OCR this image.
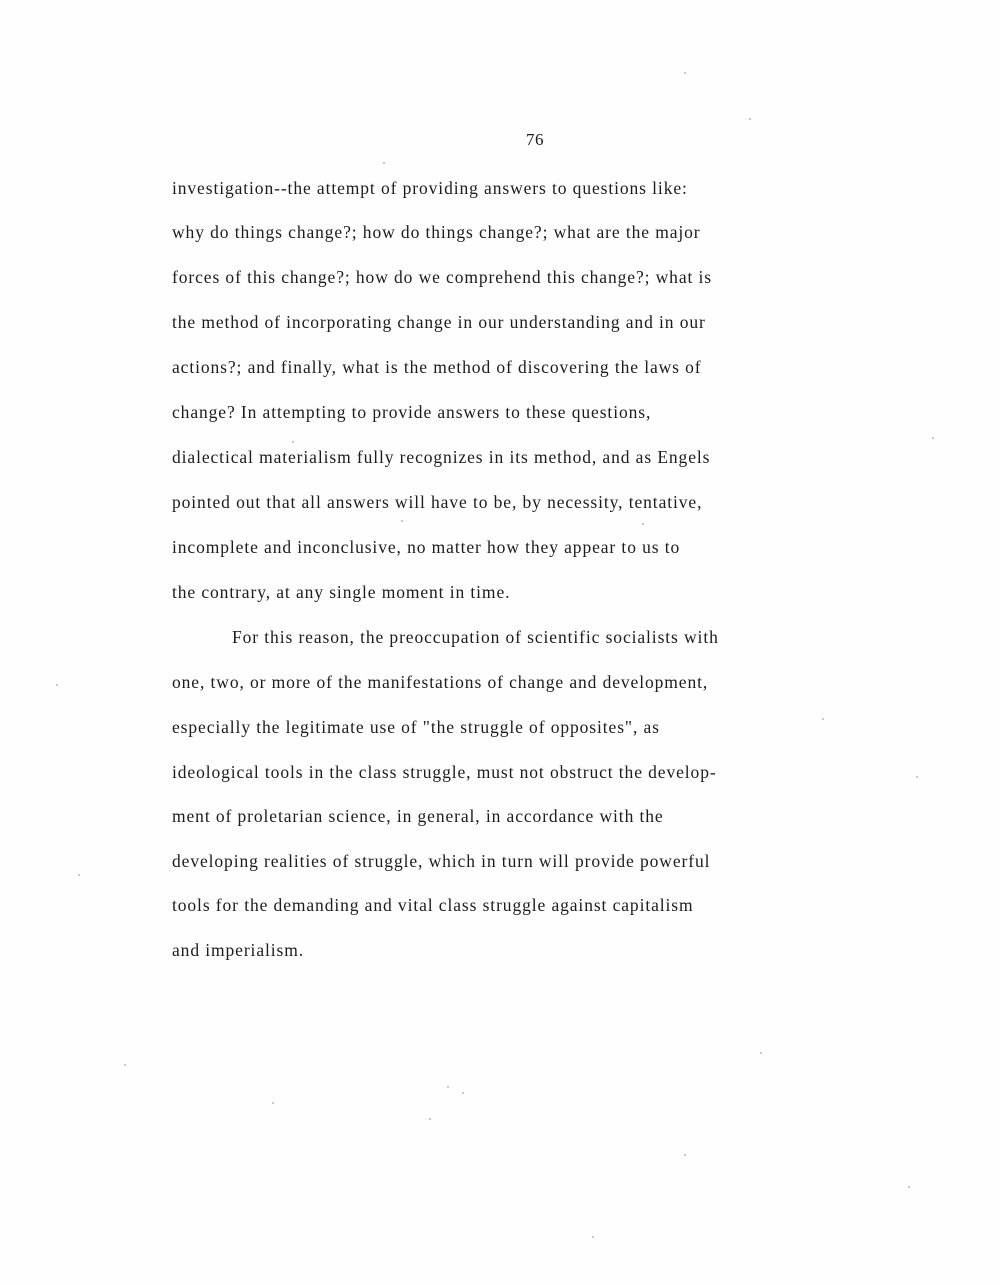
76
investigation--the attempt of providing answers to questions like:
why do things change?; how do things change?; what are the major
forces of this change?; how do we comprehend this change?; what is
the method of incorporating change in our understanding and in our
actions?; and finally, what is the method of discovering the laws of
change? In attempting to provide answers to these questions,
dialectical materialism fully recognizes in its method, and as Engels
pointed out that all answers will have to be, by necessity, tentative,
incomplete and inconclusive, no matter how they appear to us to
the contrary, at any single moment in time.
For this reason, the preoccupation of scientific socialists with
one, two, or more of the manifestations of change and development,
especially the legitimate use of "the struggle of opposites", as
ideological tools in the class struggle, must not obstruct the develop-
ment of proletarian science, in general, in accordance with the
developing realities of struggle, which in turn will provide powerful
tools for the demanding and vital class struggle against capitalism
and imperialism.
